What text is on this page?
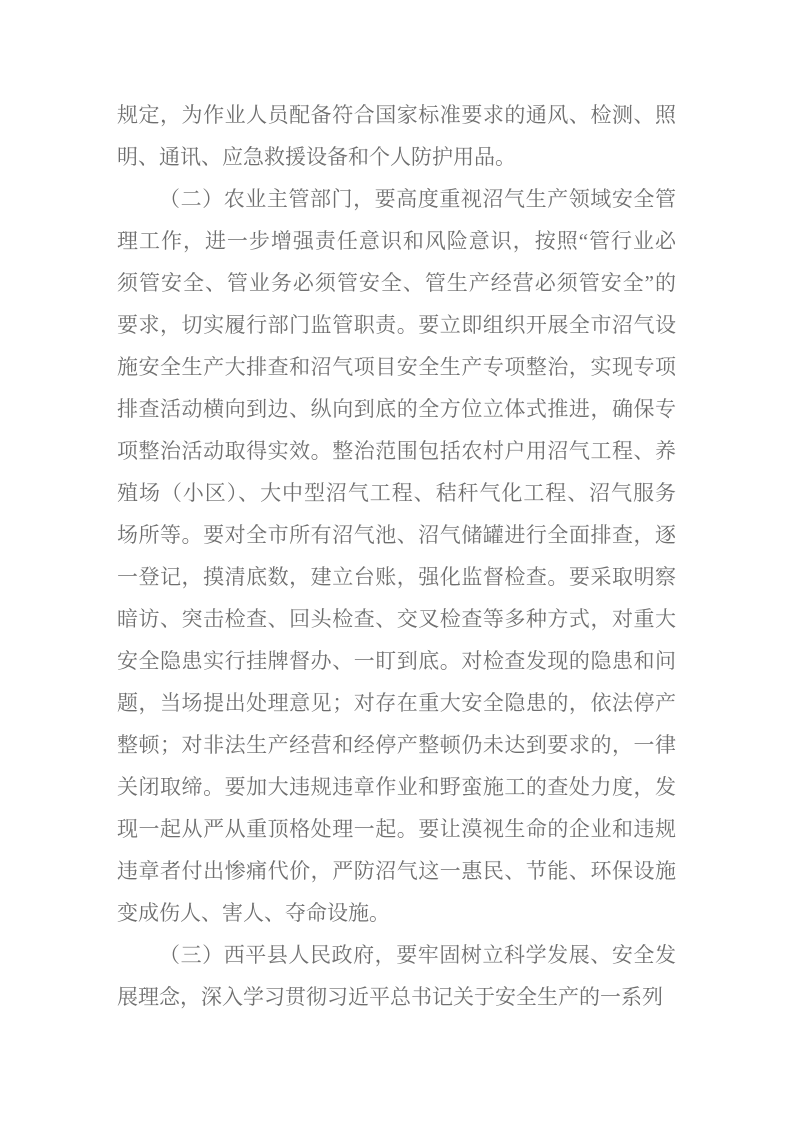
规定，为作业人员配备符合国家标准要求的通风、检测、照
明、通讯、应急救援设备和个人防护用品。
（二）农业主管部门，要高度重视沼气生产领域安全管
理工作，进一步增强责任意识和风险意识，按照“管行业必
须管安全、管业务必须管安全、管生产经营必须管安全”的
要求，切实履行部门监管职责。要立即组织开展全市沼气设
施安全生产大排查和沼气项目安全生产专项整治，实现专项
排查活动横向到边、纵向到底的全方位立体式推进，确保专
项整治活动取得实效。整治范围包括农村户用沼气工程、养
殖场（小区）、大中型沼气工程、秸秆气化工程、沼气服务
场所等。要对全市所有沼气池、沼气储罐进行全面排查，逐
一登记，摸清底数，建立台账，强化监督检查。要采取明察
暗访、突击检查、回头检查、交叉检查等多种方式，对重大
安全隐患实行挂牌督办、一盯到底。对检查发现的隐患和问
题，当场提出处理意见；对存在重大安全隐患的，依法停产
整顿；对非法生产经营和经停产整顿仍未达到要求的，一律
关闭取缔。要加大违规违章作业和野蛮施工的查处力度，发
现一起从严从重顶格处理一起。要让漠视生命的企业和违规
违章者付出惨痛代价，严防沼气这一惠民、节能、环保设施
变成伤人、害人、夺命设施。
（三）西平县人民政府，要牢固树立科学发展、安全发
展理念，深入学习贯彻习近平总书记关于安全生产的一系列
